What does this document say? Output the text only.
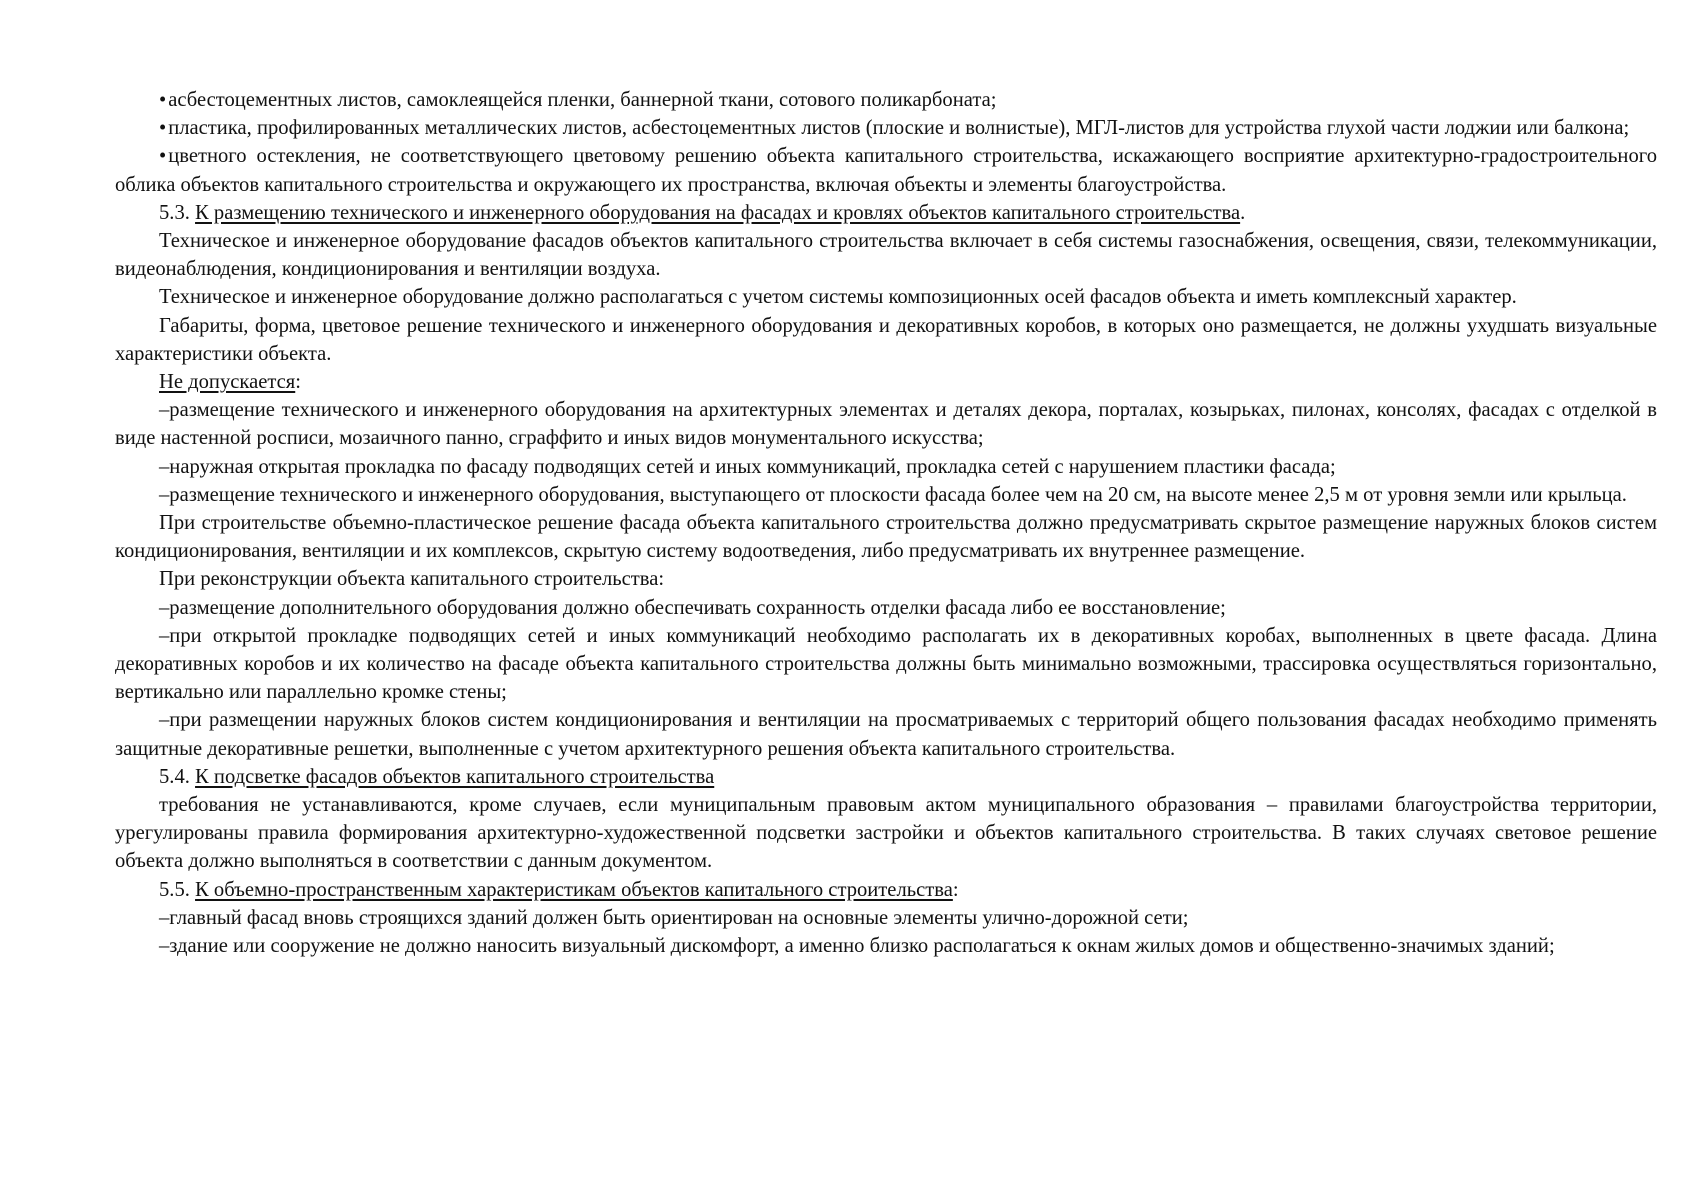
• асбестоцементных листов, самоклеящейся пленки, баннерной ткани, сотового поликарбоната;

• пластика, профилированных металлических листов, асбестоцементных листов (плоские и волнистые), МГЛ-листов для устройства глухой части лоджии или балкона;

• цветного остекления, не соответствующего цветовому решению объекта капитального строительства, искажающего восприятие архитектурно-градостроительного облика объектов капитального строительства и окружающего их пространства, включая объекты и элементы благоустройства.

5.3. К размещению технического и инженерного оборудования на фасадах и кровлях объектов капитального строительства.

Техническое и инженерное оборудование фасадов объектов капитального строительства включает в себя системы газоснабжения, освещения, связи, телекоммуникации, видеонаблюдения, кондиционирования и вентиляции воздуха.

Техническое и инженерное оборудование должно располагаться с учетом системы композиционных осей фасадов объекта и иметь комплексный характер.

Габариты, форма, цветовое решение технического и инженерного оборудования и декоративных коробов, в которых оно размещается, не должны ухудшать визуальные характеристики объекта.

Не допускается:

–размещение технического и инженерного оборудования на архитектурных элементах и деталях декора, порталах, козырьках, пилонах, консолях, фасадах с отделкой в виде настенной росписи, мозаичного панно, сграффито и иных видов монументального искусства;

–наружная открытая прокладка по фасаду подводящих сетей и иных коммуникаций, прокладка сетей с нарушением пластики фасада;

–размещение технического и инженерного оборудования, выступающего от плоскости фасада более чем на 20 см, на высоте менее 2,5 м от уровня земли или крыльца.

При строительстве объемно-пластическое решение фасада объекта капитального строительства должно предусматривать скрытое размещение наружных блоков систем кондиционирования, вентиляции и их комплексов, скрытую систему водоотведения, либо предусматривать их внутреннее размещение.

При реконструкции объекта капитального строительства:

–размещение дополнительного оборудования должно обеспечивать сохранность отделки фасада либо ее восстановление;

–при открытой прокладке подводящих сетей и иных коммуникаций необходимо располагать их в декоративных коробах, выполненных в цвете фасада. Длина декоративных коробов и их количество на фасаде объекта капитального строительства должны быть минимально возможными, трассировка осуществляться горизонтально, вертикально или параллельно кромке стены;

–при размещении наружных блоков систем кондиционирования и вентиляции на просматриваемых с территорий общего пользования фасадах необходимо применять защитные декоративные решетки, выполненные с учетом архитектурного решения объекта капитального строительства.

5.4. К подсветке фасадов объектов капитального строительства

требования не устанавливаются, кроме случаев, если муниципальным правовым актом муниципального образования – правилами благоустройства территории, урегулированы правила формирования архитектурно-художественной подсветки застройки и объектов капитального строительства. В таких случаях световое решение объекта должно выполняться в соответствии с данным документом.

5.5. К объемно-пространственным характеристикам объектов капитального строительства:

–главный фасад вновь строящихся зданий должен быть ориентирован на основные элементы улично-дорожной сети;

–здание или сооружение не должно наносить визуальный дискомфорт, а именно близко располагаться к окнам жилых домов и общественно-значимых зданий;
